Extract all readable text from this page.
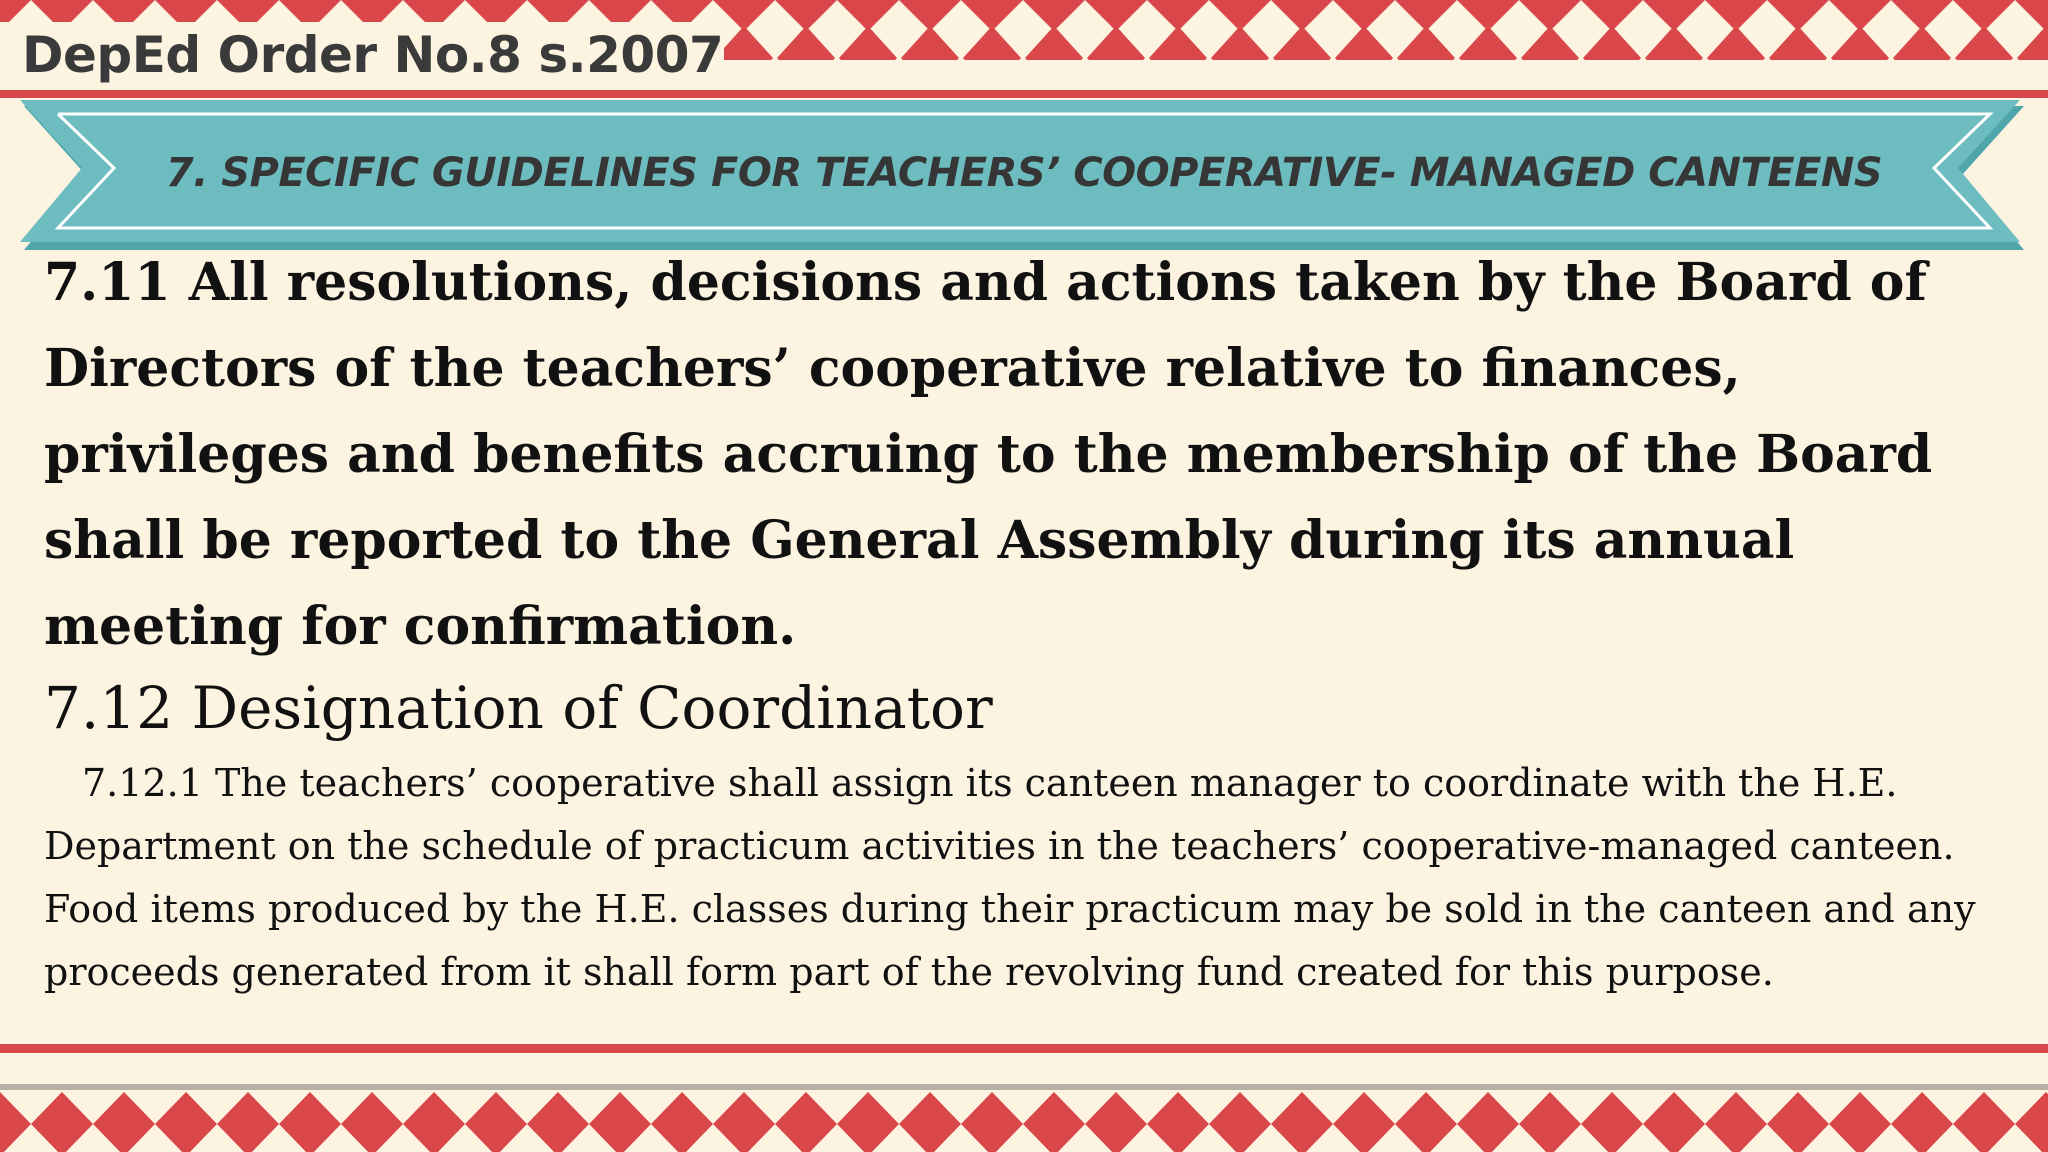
DepEd Order No.8 s.2007
7. SPECIFIC GUIDELINES FOR TEACHERS’ COOPERATIVE- MANAGED CANTEENS
7.11 All resolutions, decisions and actions taken by the Board of Directors of the teachers’ cooperative relative to finances, privileges and benefits accruing to the membership of the Board shall be reported to the General Assembly during its annual meeting for confirmation.
7.12 Designation of Coordinator
7.12.1 The teachers’ cooperative shall assign its canteen manager to coordinate with the H.E. Department on the schedule of practicum activities in the teachers’ cooperative-managed canteen. Food items produced by the H.E. classes during their practicum may be sold in the canteen and any proceeds generated from it shall form part of the revolving fund created for this purpose.
